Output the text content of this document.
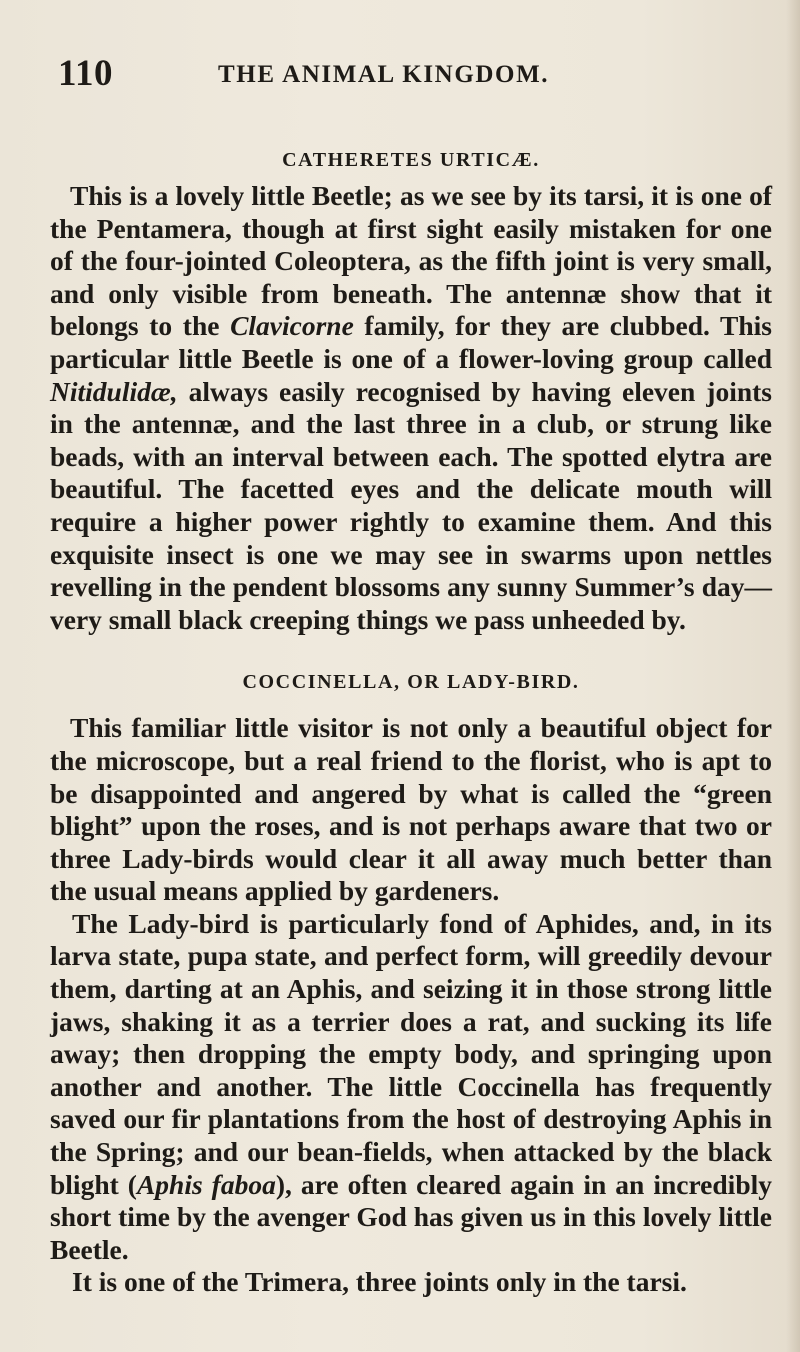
110	THE ANIMAL KINGDOM.
CATHERETES URTICÆ.

This is a lovely little Beetle; as we see by its tarsi, it is one of the Pentamera, though at first sight easily mistaken for one of the four-jointed Coleoptera, as the fifth joint is very small, and only visible from beneath. The antennæ show that it belongs to the Clavicorne family, for they are clubbed. This particular little Beetle is one of a flower-loving group called Nitidulidæ, always easily recognised by having eleven joints in the antennæ, and the last three in a club, or strung like beads, with an interval between each. The spotted elytra are beautiful. The facetted eyes and the delicate mouth will require a higher power rightly to examine them. And this exquisite insect is one we may see in swarms upon nettles revelling in the pendent blossoms any sunny Summer’s day—very small black creeping things we pass unheeded by.

COCCINELLA, OR LADY-BIRD.

This familiar little visitor is not only a beautiful object for the microscope, but a real friend to the florist, who is apt to be disappointed and angered by what is called the “green blight” upon the roses, and is not perhaps aware that two or three Lady-birds would clear it all away much better than the usual means applied by gardeners.

The Lady-bird is particularly fond of Aphides, and, in its larva state, pupa state, and perfect form, will greedily devour them, darting at an Aphis, and seizing it in those strong little jaws, shaking it as a terrier does a rat, and sucking its life away; then dropping the empty body, and springing upon another and another. The little Coccinella has frequently saved our fir plantations from the host of destroying Aphis in the Spring; and our bean-fields, when attacked by the black blight (Aphis faboa), are often cleared again in an incredibly short time by the avenger God has given us in this lovely little Beetle.

It is one of the Trimera, three joints only in the tarsi.
